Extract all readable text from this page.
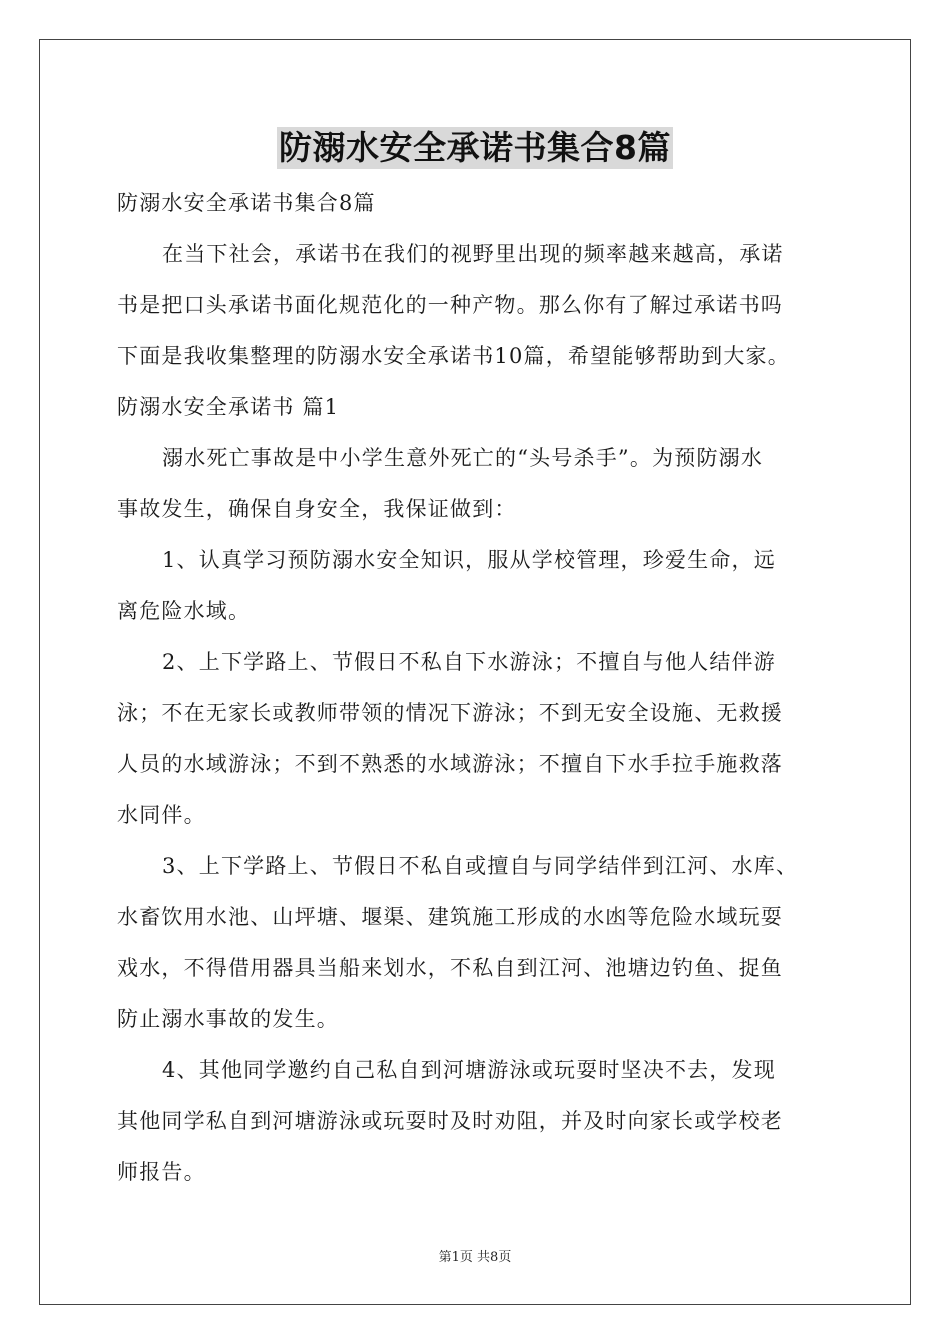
防溺水安全承诺书集合8篇
防溺水安全承诺书集合8篇
在当下社会，承诺书在我们的视野里出现的频率越来越高，承诺
书是把口头承诺书面化规范化的一种产物。那么你有了解过承诺书吗
下面是我收集整理的防溺水安全承诺书10篇，希望能够帮助到大家。
防溺水安全承诺书 篇1
溺水死亡事故是中小学生意外死亡的“头号杀手”。为预防溺水
事故发生，确保自身安全，我保证做到：
1、认真学习预防溺水安全知识，服从学校管理，珍爱生命，远
离危险水域。
2、上下学路上、节假日不私自下水游泳；不擅自与他人结伴游
泳；不在无家长或教师带领的情况下游泳；不到无安全设施、无救援
人员的水域游泳；不到不熟悉的水域游泳；不擅自下水手拉手施救落
水同伴。
3、上下学路上、节假日不私自或擅自与同学结伴到江河、水库、
水畜饮用水池、山坪塘、堰渠、建筑施工形成的水凼等危险水域玩耍
戏水，不得借用器具当船来划水，不私自到江河、池塘边钓鱼、捉鱼
防止溺水事故的发生。
4、其他同学邀约自己私自到河塘游泳或玩耍时坚决不去，发现
其他同学私自到河塘游泳或玩耍时及时劝阻，并及时向家长或学校老
师报告。
第1页 共8页
